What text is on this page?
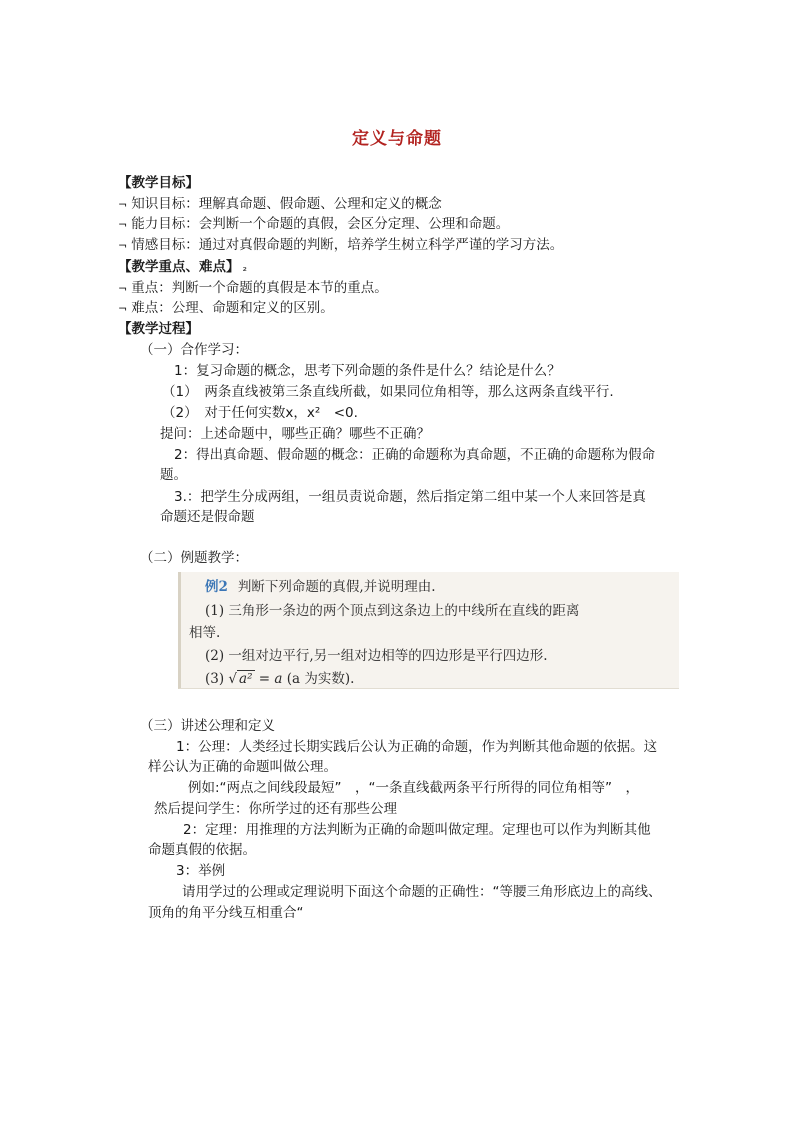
定义与命题
【教学目标】
¬ 知识目标：理解真命题、假命题、公理和定义的概念
¬ 能力目标：会判断一个命题的真假，会区分定理、公理和命题。
¬ 情感目标：通过对真假命题的判断，培养学生树立科学严谨的学习方法。
【教学重点、难点】 ₂
¬ 重点：判断一个命题的真假是本节的重点。
¬ 难点：公理、命题和定义的区别。
【教学过程】
（一）合作学习：
1：复习命题的概念，思考下列命题的条件是什么？结论是什么？
（1）　两条直线被第三条直线所截，如果同位角相等，那么这两条直线平行.
（2）　对于任何实数x，x²　<0.
提问：上述命题中，哪些正确？哪些不正确？
2：得出真命题、假命题的概念：正确的命题称为真命题，不正确的命题称为假命
题。
3.：把学生分成两组，一组员责说命题，然后指定第二组中某一个人来回答是真
命题还是假命题
（二）例题教学：
例2 判断下列命题的真假,并说明理由.
(1) 三角形一条边的两个顶点到这条边上的中线所在直线的距离
相等.
(2) 一组对边平行,另一组对边相等的四边形是平行四边形.
(3) √ a² = a (a 为实数).
（三）讲述公理和定义
1：公理：人类经过长期实践后公认为正确的命题，作为判断其他命题的依据。这
样公认为正确的命题叫做公理。
例如:“两点之间线段最短”　，“一条直线截两条平行所得的同位角相等”　，
然后提问学生：你所学过的还有那些公理
2：定理：用推理的方法判断为正确的命题叫做定理。定理也可以作为判断其他
命题真假的依据。
3：举例
请用学过的公理或定理说明下面这个命题的正确性：“等腰三角形底边上的高线、
顶角的角平分线互相重合“
